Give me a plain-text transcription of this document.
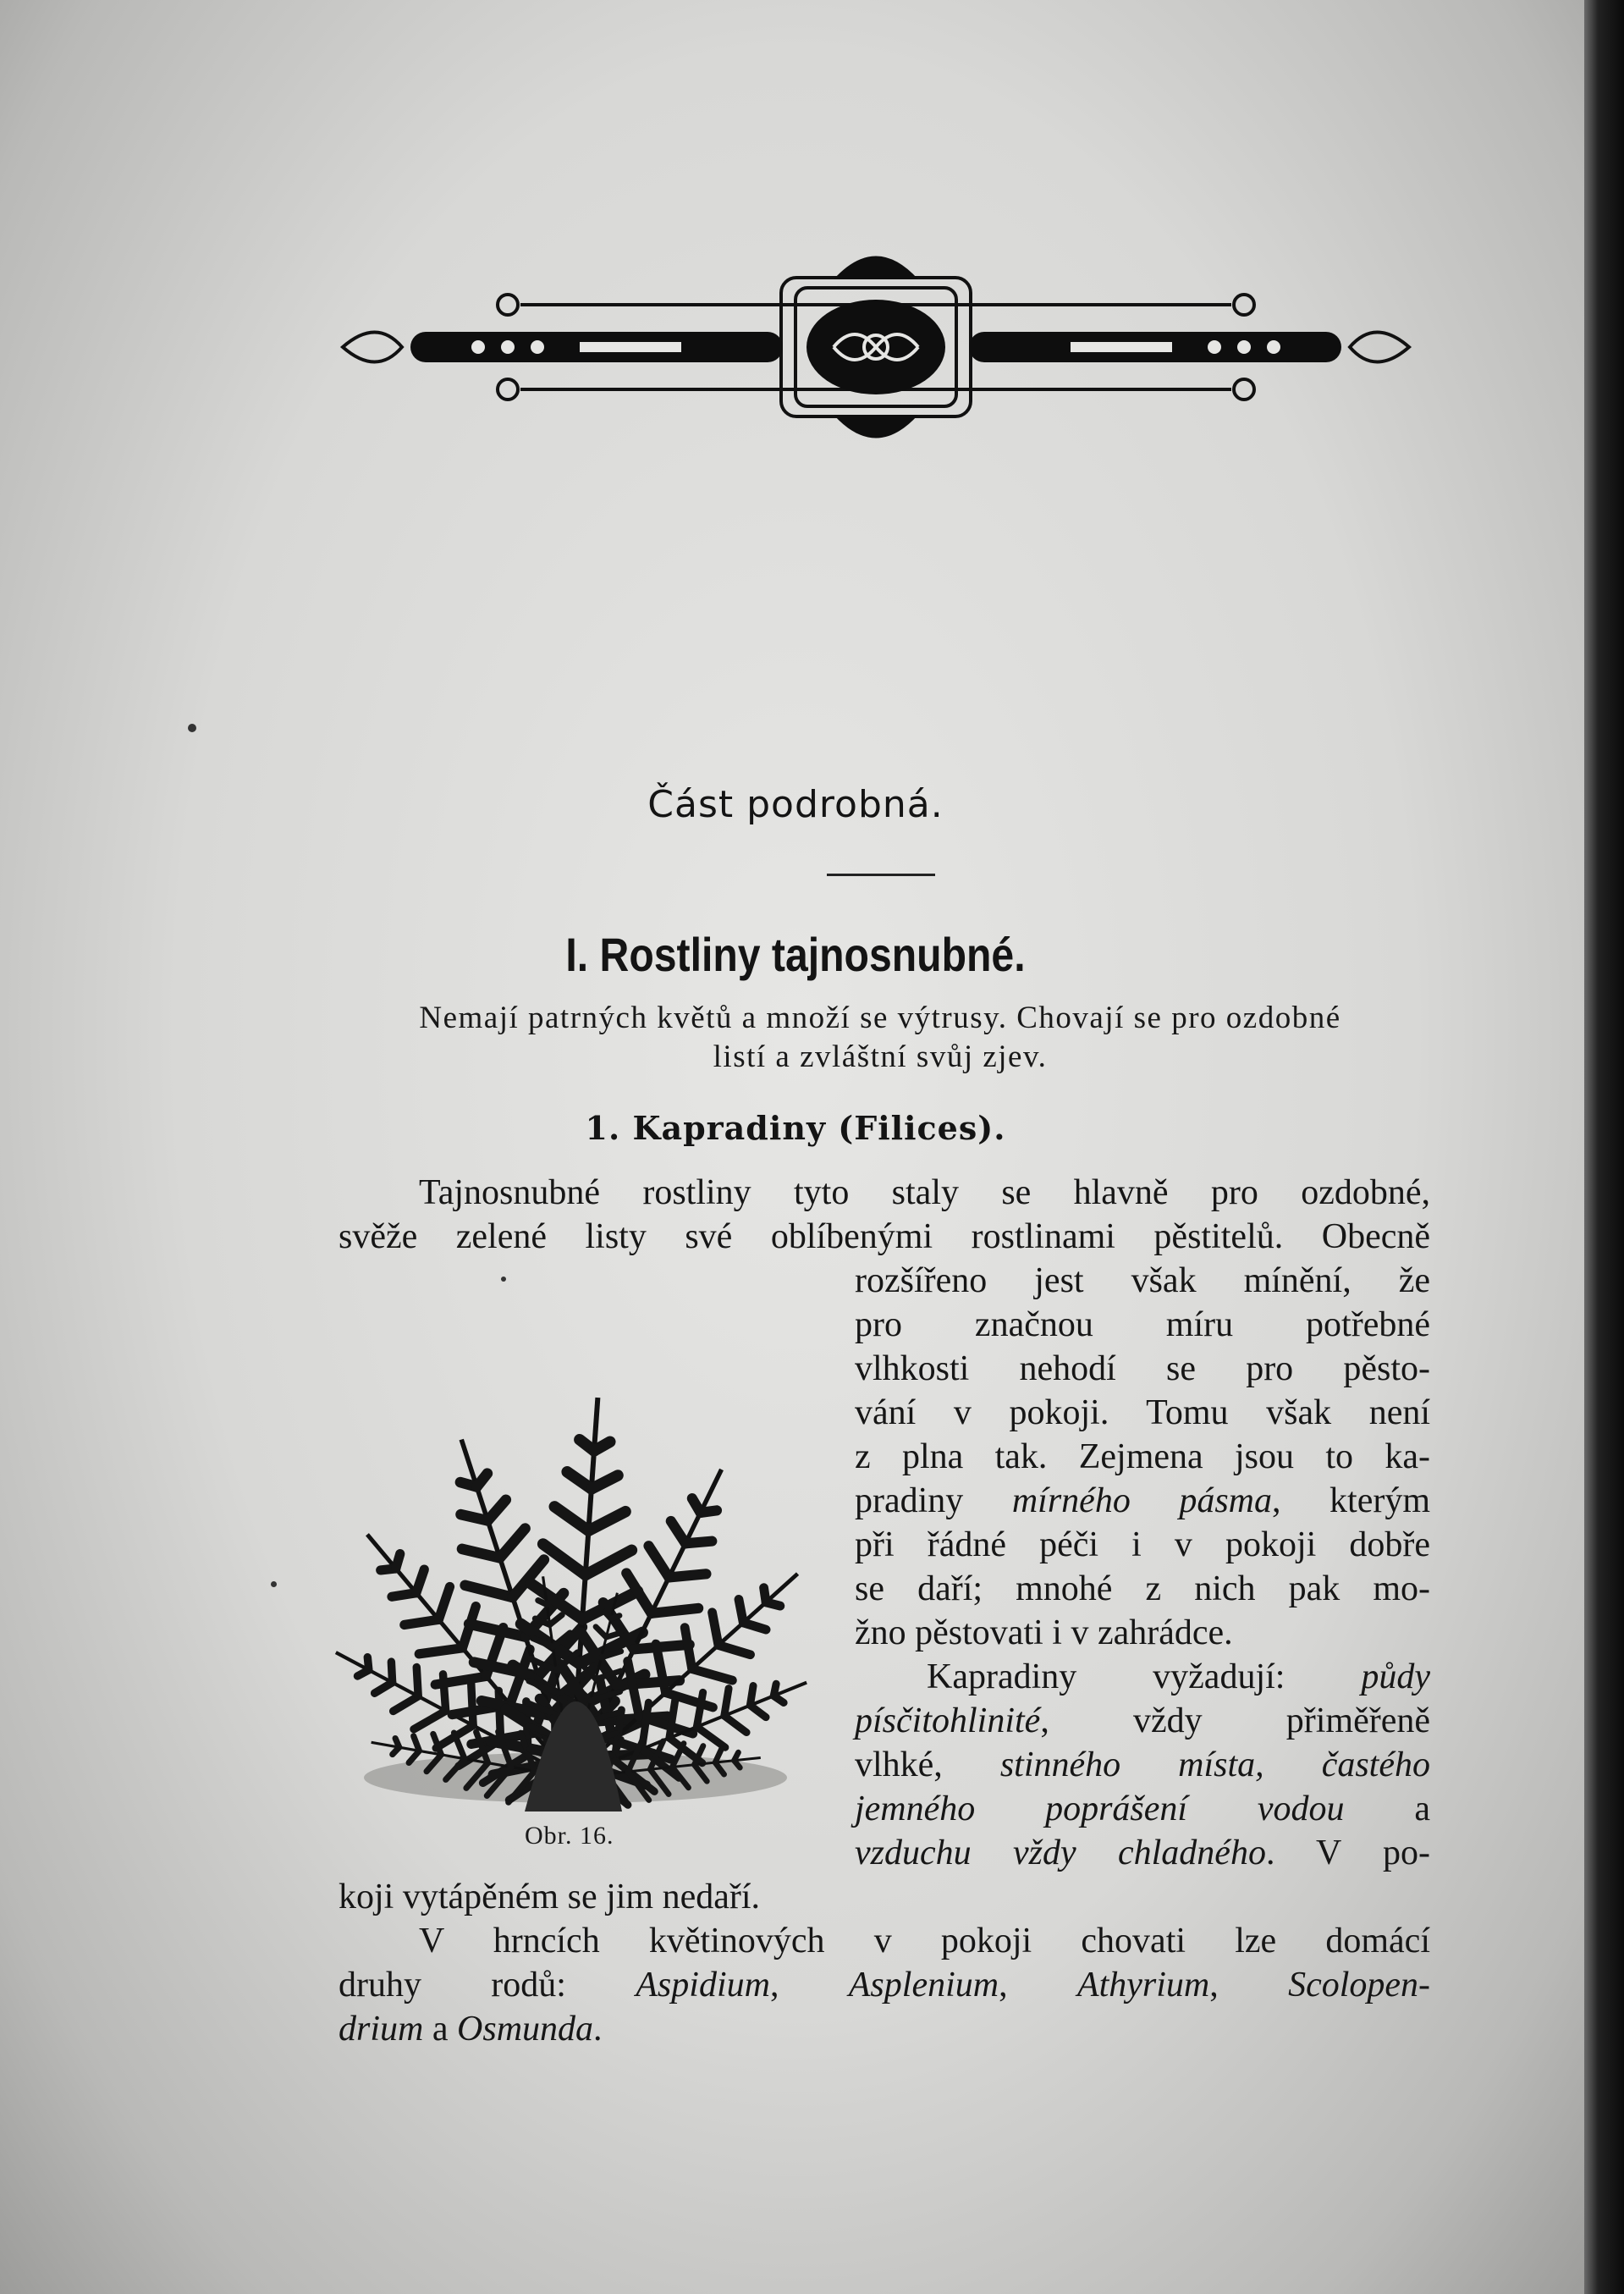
Část podrobná.
I. Rostliny tajnosnubné.
Nemají patrných květů a množí se výtrusy. Chovají se pro ozdobné
listí a zvláštní svůj zjev.
1. Kapradiny (Filices).
Tajnosnubné rostliny tyto staly se hlavně pro ozdobné,
svěže zelené listy své oblíbenými rostlinami pěstitelů. Obecně
rozšířeno jest však mínění, že
pro značnou míru potřebné
vlhkosti nehodí se pro pěsto-
vání v pokoji. Tomu však není
z plna tak. Zejmena jsou to ka-
pradiny mírného pásma, kterým
při řádné péči i v pokoji dobře
se daří; mnohé z nich pak mo-
žno pěstovati i v zahrádce.
Kapradiny vyžadují: půdy
písčitohlinité, vždy přiměřeně
vlhké, stinného místa, častého
jemného poprášení vodou a
vzduchu vždy chladného. V po-
koji vytápěném se jim nedaří.
V hrncích květinových v pokoji chovati lze domácí
druhy rodů: Aspidium, Asplenium, Athyrium, Scolopen-
drium a Osmunda.
Obr. 16.
